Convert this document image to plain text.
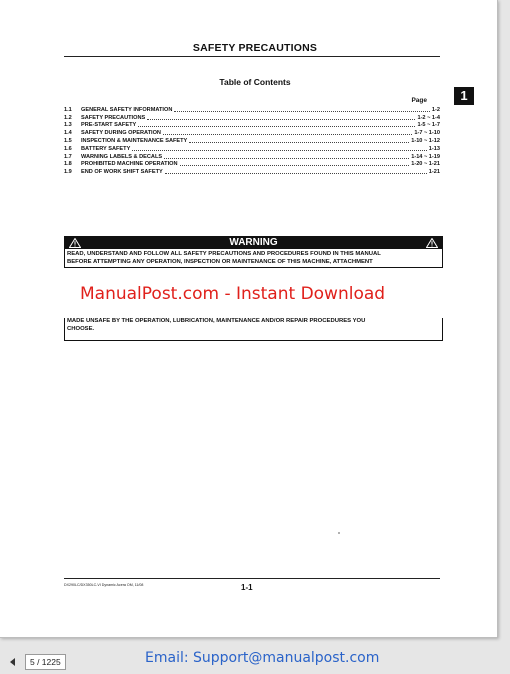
SAFETY PRECAUTIONS
Table of Contents
Page	1
1.1	GENERAL SAFETY INFORMATION	1-2
1.2	SAFETY PRECAUTIONS	1-2 ~ 1-4
1.3	PRE-START SAFETY	1-5 ~ 1-7
1.4	SAFETY DURING OPERATION	1-7 ~ 1-10
1.5	INSPECTION & MAINTENANCE SAFETY	1-10 ~ 1-12
1.6	BATTERY SAFETY	1-13
1.7	WARNING LABELS & DECALS	1-14 ~ 1-19
1.8	PROHIBITED MACHINE OPERATION	1-20 ~ 1-21
1.9	END OF WORK SHIFT SAFETY	1-21
WARNING
READ, UNDERSTAND AND FOLLOW ALL SAFETY PRECAUTIONS AND PROCEDURES FOUND IN THIS MANUAL
BEFORE ATTEMPTING ANY OPERATION, INSPECTION OR MAINTENANCE OF THIS MACHINE, ATTACHMENT
ManualPost.com - Instant Download
MADE UNSAFE BY THE OPERATION, LUBRICATION, MAINTENANCE AND/OR REPAIR PROCEDURES YOU
CHOOSE.
DX290LC/DX350LC-VI Dynamic Acera OM, 11/08	1-1
5 / 1225	Email: Support@manualpost.com
